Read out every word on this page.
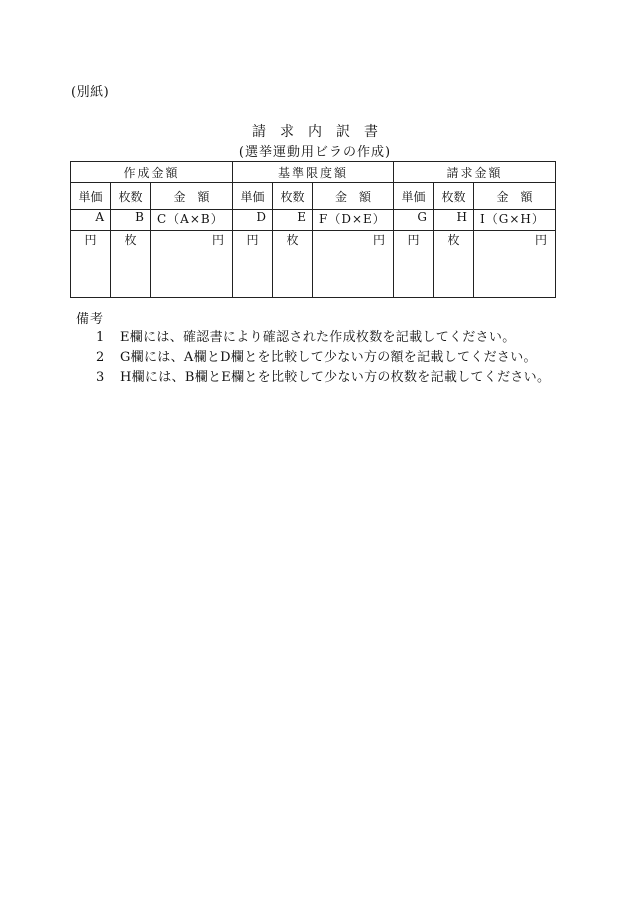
(別紙)
請求内訳書
(選挙運動用ビラの作成)
作成金額			基準限度額			請求金額		
単価	枚数	金　額	単価	枚数	金　額	単価	枚数	金　額
A	B	C（A×B）	D	E	F（D×E）	G	H	I（G×H）
円	枚	円	円	枚	円	円	枚	円
備考
1 E欄には、確認書により確認された作成枚数を記載してください。
2 G欄には、A欄とD欄とを比較して少ない方の額を記載してください。
3 H欄には、B欄とE欄とを比較して少ない方の枚数を記載してください。
